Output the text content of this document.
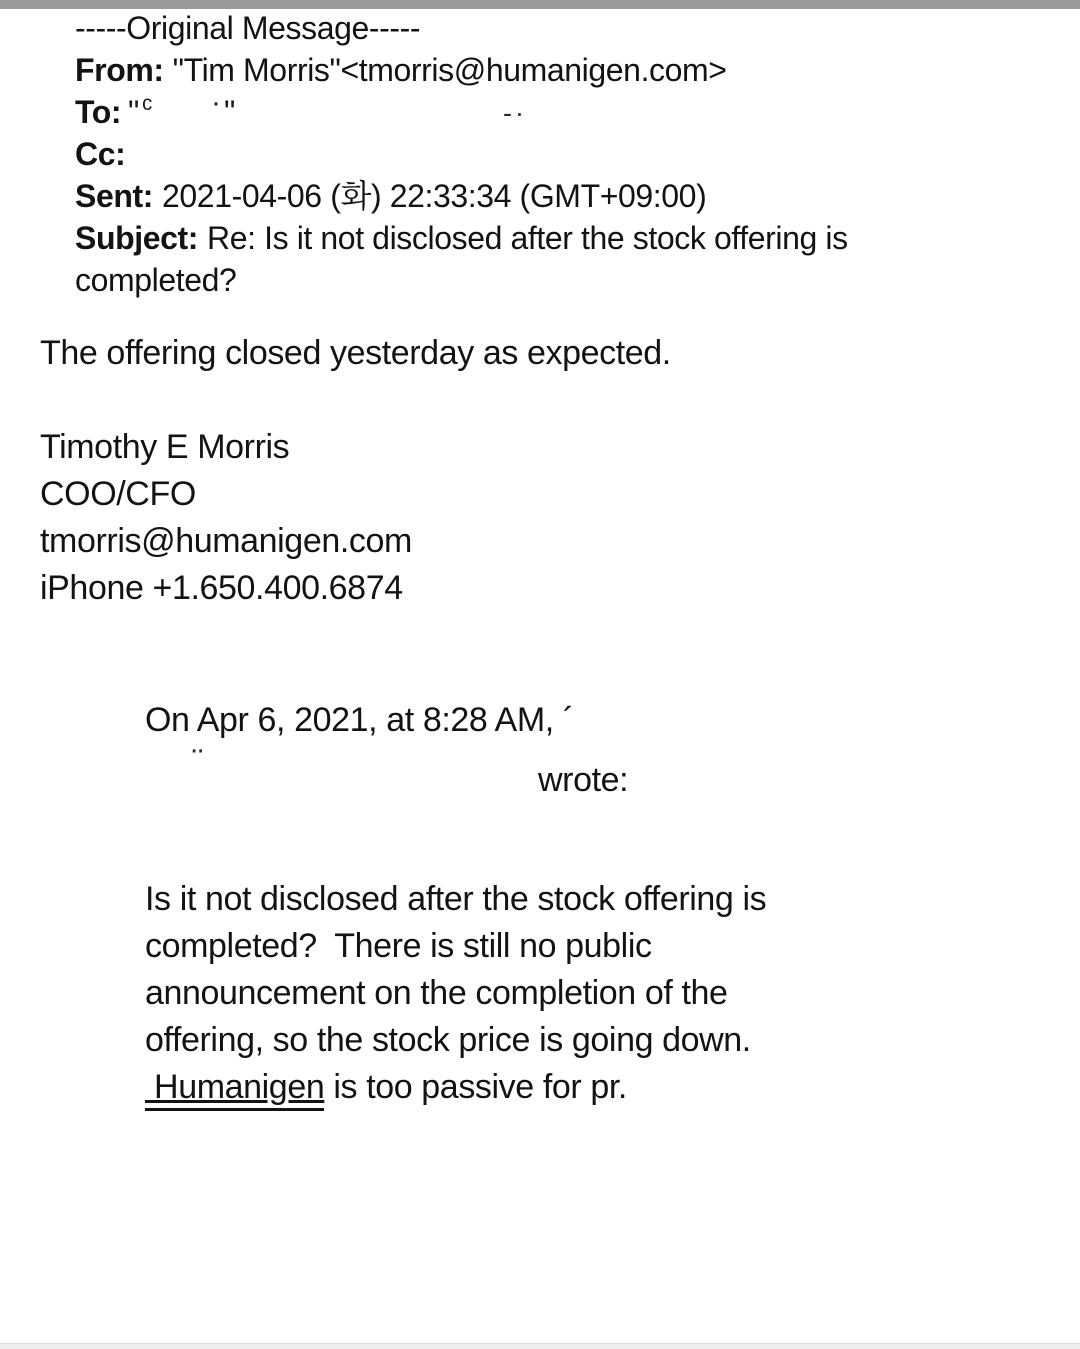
-----Original Message-----
From: "Tim Morris"<tmorris@humanigen.com>
To: " ᶜ · "	-·
Cc:
Sent: 2021-04-06 (화) 22:33:34 (GMT+09:00)
Subject: Re: Is it not disclosed after the stock offering is
completed?
The offering closed yesterday as expected.
Timothy E Morris
COO/CFO
tmorris@humanigen.com
iPhone +1.650.400.6874
On Apr 6, 2021, at 8:28 AM, ´
¨	wrote:
Is it not disclosed after the stock offering is
completed?  There is still no public
announcement on the completion of the
offering, so the stock price is going down.
Humanigen is too passive for pr.
